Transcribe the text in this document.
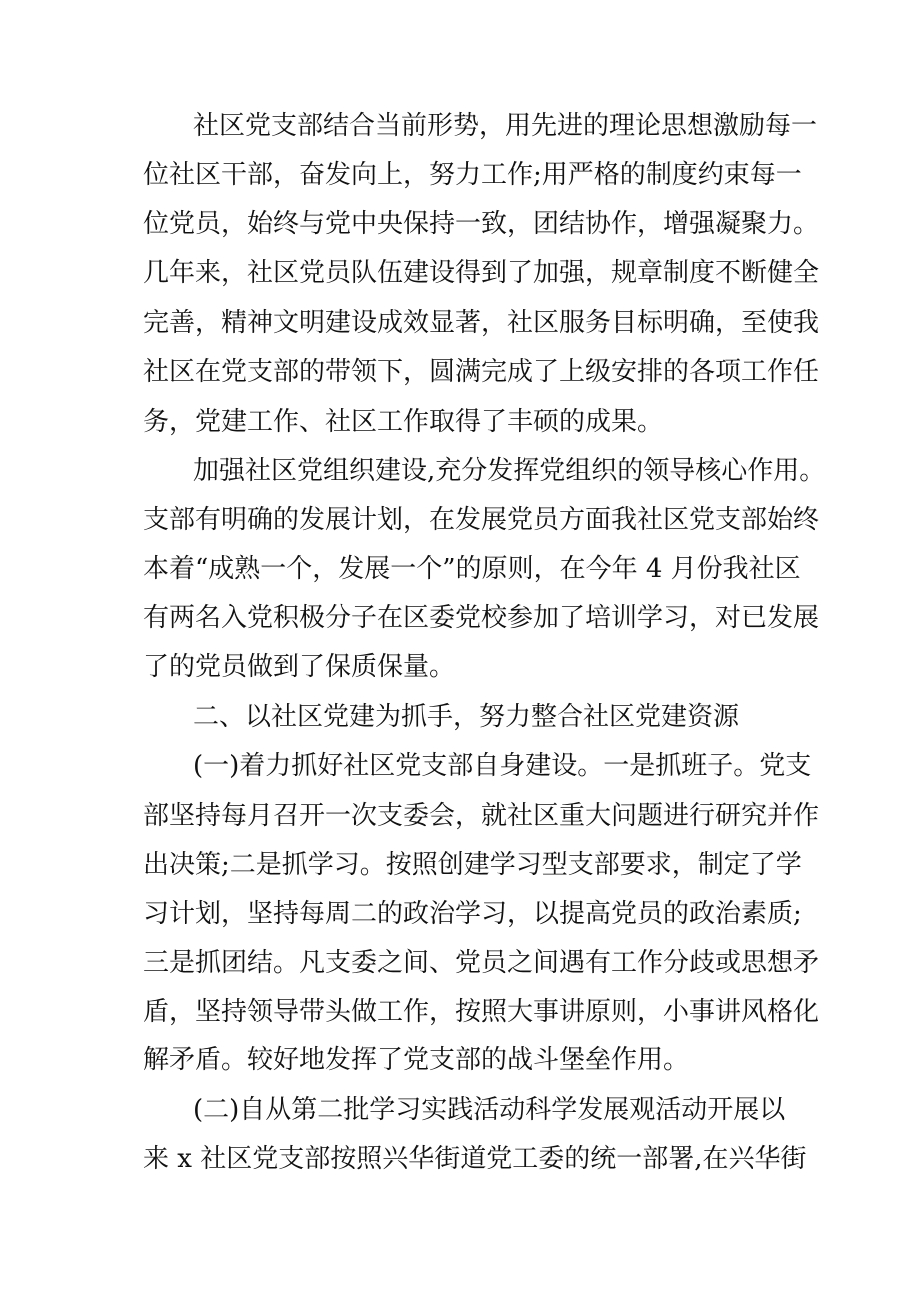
社区党支部结合当前形势，用先进的理论思想激励每一
位社区干部，奋发向上，努力工作;用严格的制度约束每一
位党员，始终与党中央保持一致，团结协作，增强凝聚力。
几年来，社区党员队伍建设得到了加强，规章制度不断健全
完善，精神文明建设成效显著，社区服务目标明确，至使我
社区在党支部的带领下，圆满完成了上级安排的各项工作任
务，党建工作、社区工作取得了丰硕的成果。
加强社区党组织建设,充分发挥党组织的领导核心作用。
支部有明确的发展计划，在发展党员方面我社区党支部始终
本着“成熟一个，发展一个”的原则，在今年 4 月份我社区
有两名入党积极分子在区委党校参加了培训学习，对已发展
了的党员做到了保质保量。
二、以社区党建为抓手，努力整合社区党建资源
(一)着力抓好社区党支部自身建设。一是抓班子。党支
部坚持每月召开一次支委会，就社区重大问题进行研究并作
出决策;二是抓学习。按照创建学习型支部要求，制定了学
习计划，坚持每周二的政治学习，以提高党员的政治素质;
三是抓团结。凡支委之间、党员之间遇有工作分歧或思想矛
盾，坚持领导带头做工作，按照大事讲原则，小事讲风格化
解矛盾。较好地发挥了党支部的战斗堡垒作用。
(二)自从第二批学习实践活动科学发展观活动开展以
来 x 社区党支部按照兴华街道党工委的统一部署,在兴华街
